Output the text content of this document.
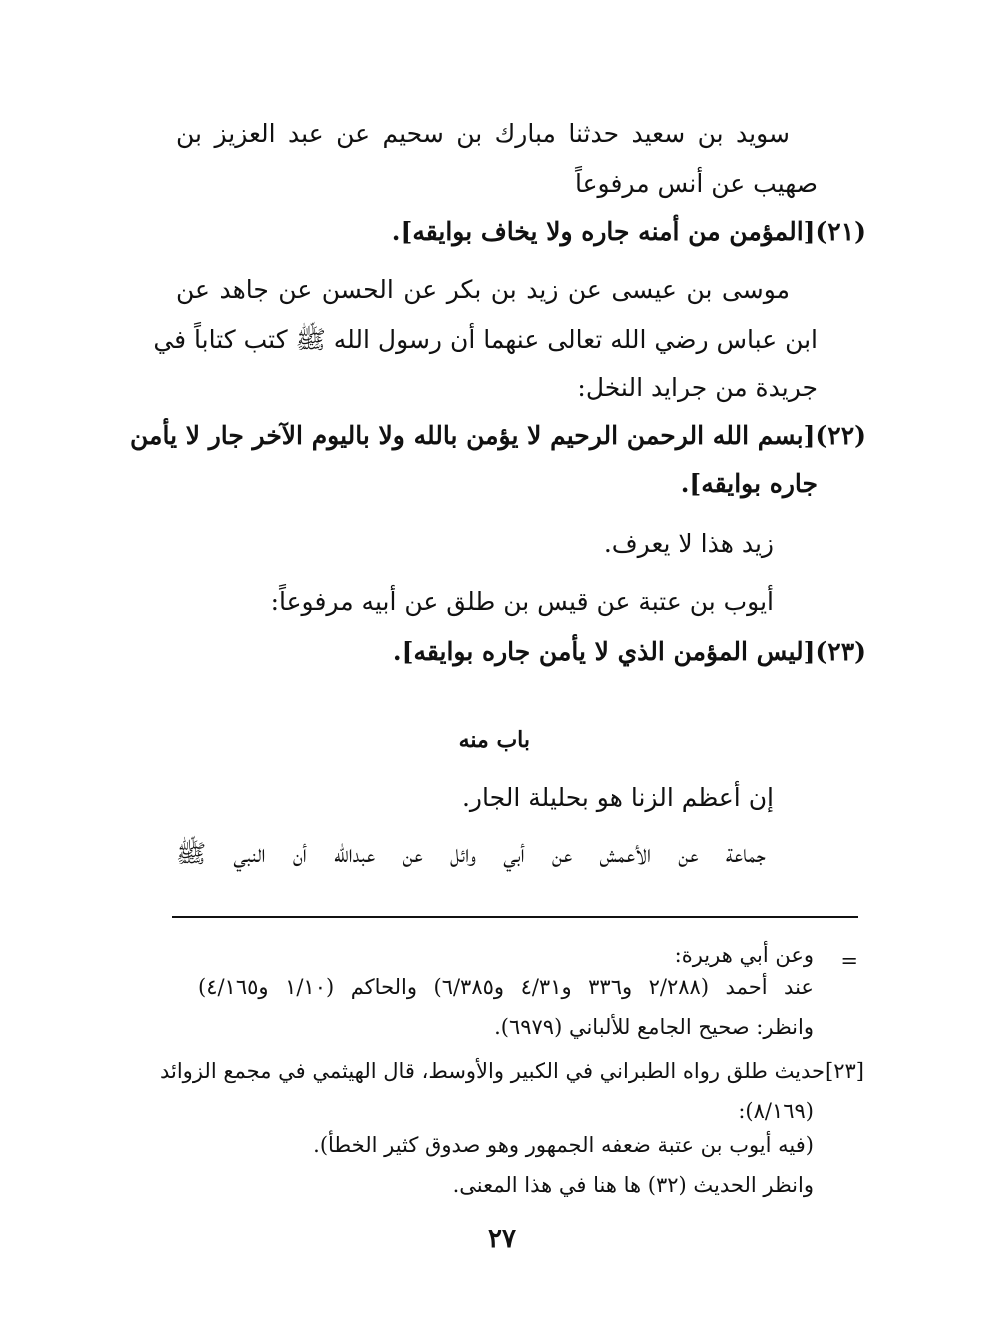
سويد بن سعيد حدثنا مبارك بن سحيم عن عبد العزيز بن

صهيب عن أنس مرفوعاً

(٢١)[المؤمن من أمنه جاره ولا يخاف بوايقه].

موسى بن عيسى عن زيد بن بكر عن الحسن عن جاهد عن

ابن عباس رضي الله تعالى عنهما أن رسول الله ﷺ كتب كتاباً في

جريدة من جرايد النخل:

(٢٢)[بسم الله الرحمن الرحيم لا يؤمن بالله ولا باليوم الآخر جار لا يأمن

جاره بوايقه].

زيد هذا لا يعرف.

أيوب بن عتبة عن قيس بن طلق عن أبيه مرفوعاً:

(٢٣)[ليس المؤمن الذي لا يأمن جاره بوايقه].

باب منه

إن أعظم الزنا هو بحليلة الجار.

جماعة عن الأعمش عن أبي وائل عن عبدالله أن النبي ﷺ

=

وعن أبي هريرة:

عند أحمد (٢/٢٨٨ و٣٣٦ و٤/٣١ و٦/٣٨٥) والحاكم (١/١٠ و٤/١٦٥)

وانظر: صحيح الجامع للألباني (٦٩٧٩).

[٢٣]حديث طلق رواه الطبراني في الكبير والأوسط، قال الهيثمي في مجمع الزوائد

(٨/١٦٩):

(فيه أيوب بن عتبة ضعفه الجمهور وهو صدوق كثير الخطأ).

وانظر الحديث (٣٢) ها هنا في هذا المعنى.

٢٧
